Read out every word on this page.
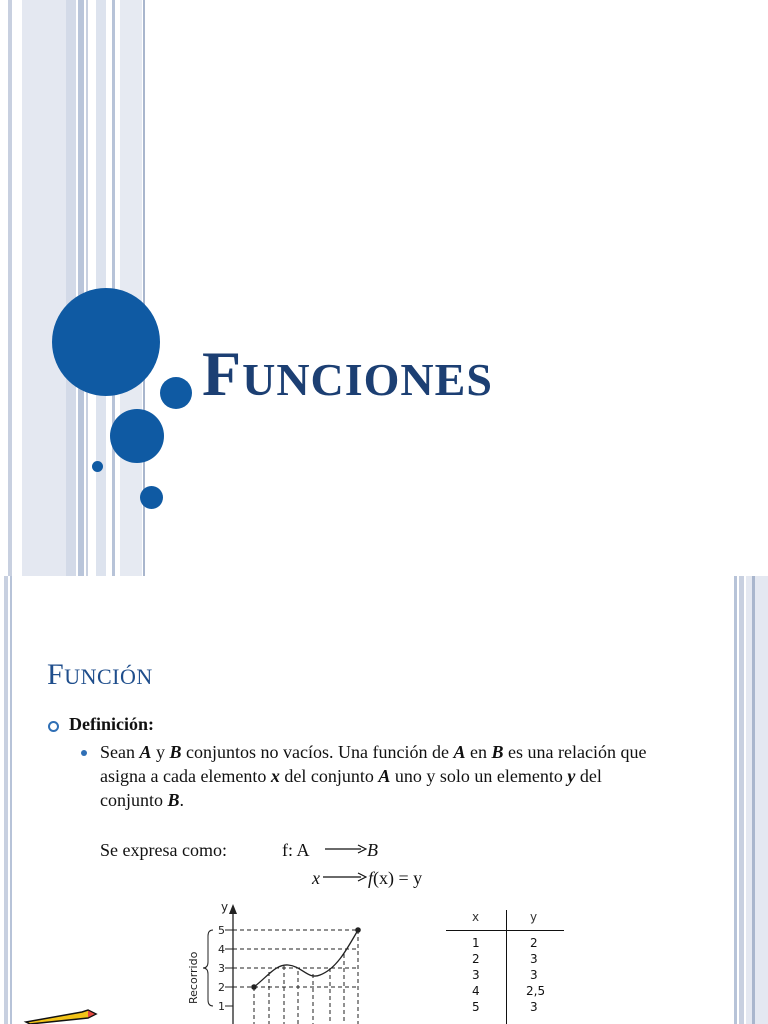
FUNCIONES
FUNCIÓN
Definición:
Sean A y B conjuntos no vacíos. Una función de A en B es una relación que asigna a cada elemento x del conjunto A uno y solo un elemento y del conjunto B.
Se expresa como:	f: A	B
x	f(x) = y
y
5
4
3
2
1
Recorrido
x	y
1	2
2	3
3	3
4	2,5
5	3
